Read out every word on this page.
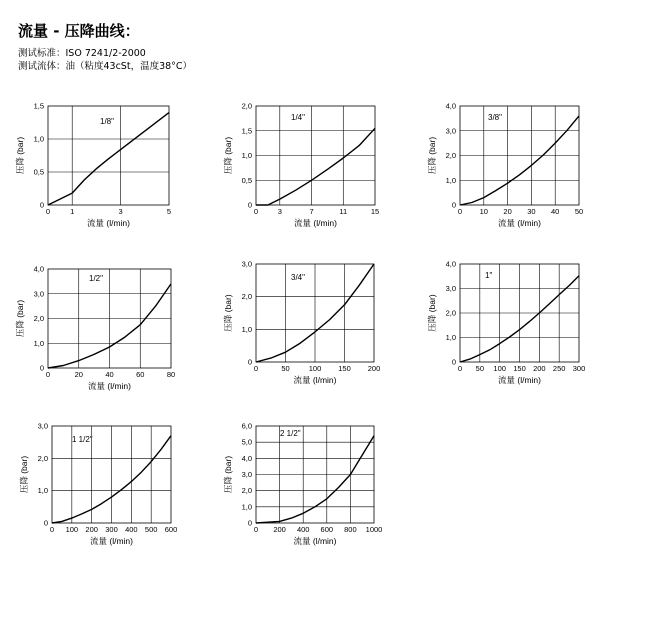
流量 - 压降曲线：
测试标准：ISO 7241/2-2000
测试流体：油（粘度43cSt，温度38°C）
0	1	3	5
0
0,5
1,0
1,5
流量 (l/min)
压降 (bar)
1/8"
0	3	7	11	15
0
0,5
1,0
1,5
2,0
流量 (l/min)
压降 (bar)
1/4"
0 10 20 30 40 50
0
1,0
2,0
3,0
4,0
流量 (l/min)
压降 (bar)
3/8"
0	20	40	60	80
0
1,0
2,0
3,0
4,0
流量 (l/min)
压降 (bar)
1/2"
0	50	100 150 200
0
1,0
2,0
3,0
流量 (l/min)
压降 (bar)
3/4"
0 50 100 150 200 250 300
0
1,0
2,0
3,0
4,0
流量 (l/min)
压降 (bar)
1"
0 100 200 300 400 500 600
0
1,0
2,0
3,0
流量 (l/min)
压降 (bar)
1 1/2"
0 200 400 600 800 1000
0
1,0
2,0
3,0
4,0
5,0
6,0
流量 (l/min)
压降 (bar)
2 1/2"
